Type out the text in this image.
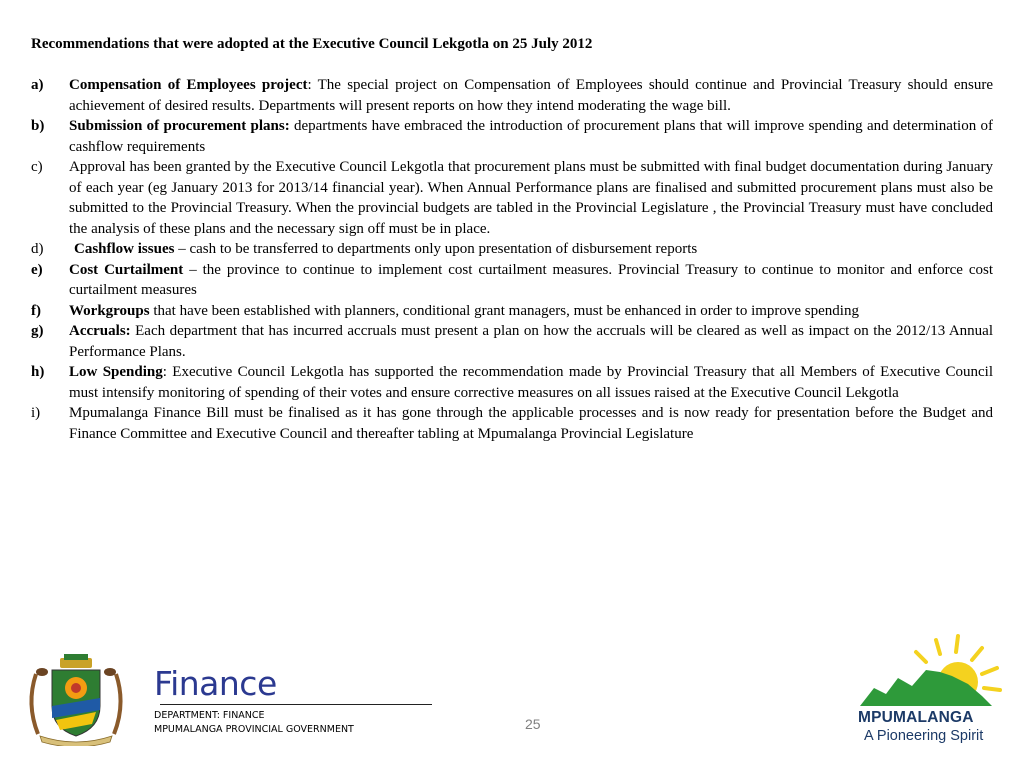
Recommendations that were adopted at the Executive Council Lekgotla on 25 July 2012
a)	Compensation of Employees project: The special project on Compensation of Employees should continue and Provincial Treasury should ensure achievement of desired results. Departments will present reports on how they intend moderating the wage bill.
b)	Submission of procurement plans: departments have embraced the introduction of procurement plans that will improve spending and determination of cashflow requirements
c)	Approval has been granted by the Executive Council Lekgotla that procurement plans must be submitted with final budget documentation during January of each year (eg January 2013 for 2013/14 financial year). When Annual Performance plans are finalised and submitted procurement plans must also be submitted to the Provincial Treasury. When the provincial budgets are tabled in the Provincial Legislature , the Provincial Treasury must have concluded the analysis of these plans and the necessary sign off must be in place.
d)	Cashflow issues – cash to be transferred to departments only upon presentation of disbursement reports
e)	Cost Curtailment – the province to continue to implement cost curtailment measures. Provincial Treasury to continue to monitor and enforce cost curtailment measures
f)	Workgroups that have been established with planners, conditional grant managers, must be enhanced in order to improve spending
g)	Accruals: Each department that has incurred accruals must present a plan on how the accruals will be cleared as well as impact on the 2012/13 Annual Performance Plans.
h)	Low Spending: Executive Council Lekgotla has supported the recommendation made by Provincial Treasury that all Members of Executive Council must intensify monitoring of spending of their votes and ensure corrective measures on all issues raised at the Executive Council Lekgotla
i)	Mpumalanga Finance Bill must be finalised as it has gone through the applicable processes and is now ready for presentation before the Budget and Finance Committee and Executive Council and thereafter tabling at Mpumalanga Provincial Legislature
Finance
DEPARTMENT: FINANCE
MPUMALANGA PROVINCIAL GOVERNMENT	25	MPUMALANGA
A Pioneering Spirit
